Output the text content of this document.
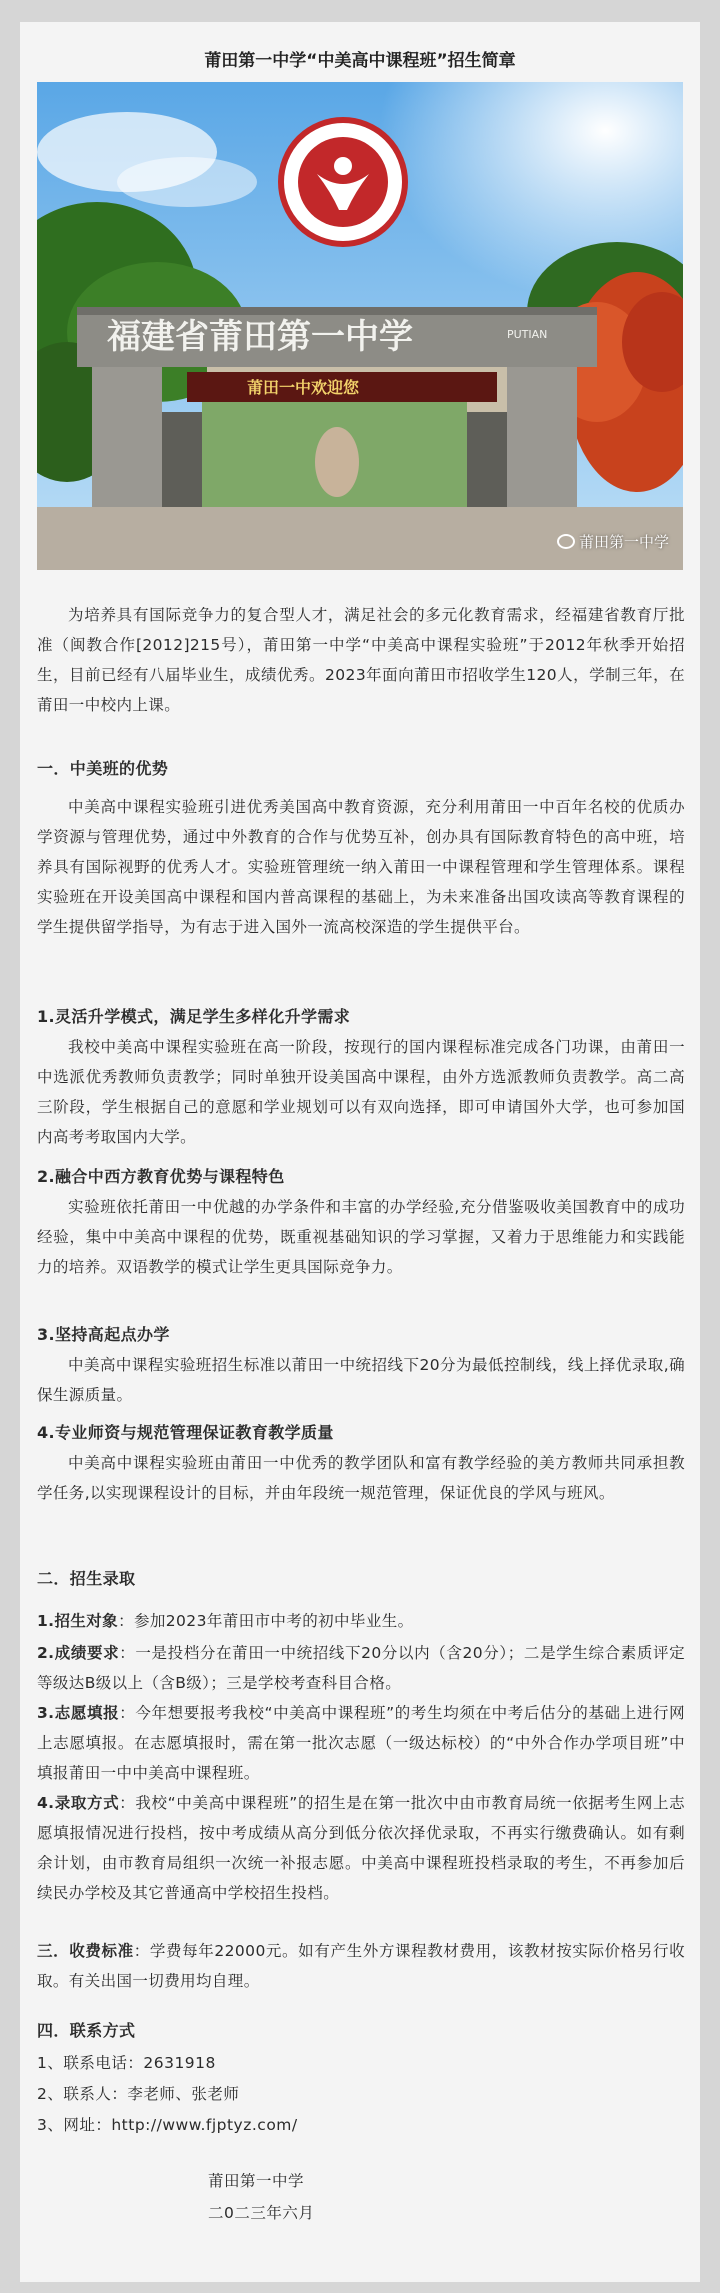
莆田第一中学“中美高中课程班”招生简章
福建省莆田第一中学	PUTIAN
莆田一中欢迎您
莆田第一中学

为培养具有国际竞争力的复合型人才，满足社会的多元化教育需求，经福建省教育厅批准（闽教合作[2012]215号），莆田第一中学“中美高中课程实验班”于2012年秋季开始招生，目前已经有八届毕业生，成绩优秀。2023年面向莆田市招收学生120人，学制三年，在莆田一中校内上课。

一．中美班的优势

中美高中课程实验班引进优秀美国高中教育资源，充分利用莆田一中百年名校的优质办学资源与管理优势，通过中外教育的合作与优势互补，创办具有国际教育特色的高中班，培养具有国际视野的优秀人才。实验班管理统一纳入莆田一中课程管理和学生管理体系。课程实验班在开设美国高中课程和国内普高课程的基础上，为未来准备出国攻读高等教育课程的学生提供留学指导，为有志于进入国外一流高校深造的学生提供平台。

1.灵活升学模式，满足学生多样化升学需求

我校中美高中课程实验班在高一阶段，按现行的国内课程标准完成各门功课，由莆田一中选派优秀教师负责教学；同时单独开设美国高中课程，由外方选派教师负责教学。高二高三阶段，学生根据自己的意愿和学业规划可以有双向选择，即可申请国外大学，也可参加国内高考考取国内大学。

2.融合中西方教育优势与课程特色

实验班依托莆田一中优越的办学条件和丰富的办学经验,充分借鉴吸收美国教育中的成功经验，集中中美高中课程的优势，既重视基础知识的学习掌握，又着力于思维能力和实践能力的培养。双语教学的模式让学生更具国际竞争力。

3.坚持高起点办学

中美高中课程实验班招生标准以莆田一中统招线下20分为最低控制线，线上择优录取,确保生源质量。

4.专业师资与规范管理保证教育教学质量

中美高中课程实验班由莆田一中优秀的教学团队和富有教学经验的美方教师共同承担教学任务,以实现课程设计的目标，并由年段统一规范管理，保证优良的学风与班风。

二．招生录取

1.招生对象：参加2023年莆田市中考的初中毕业生。

2.成绩要求：一是投档分在莆田一中统招线下20分以内（含20分）；二是学生综合素质评定等级达B级以上（含B级）；三是学校考查科目合格。

3.志愿填报：今年想要报考我校“中美高中课程班”的考生均须在中考后估分的基础上进行网上志愿填报。在志愿填报时，需在第一批次志愿（一级达标校）的“中外合作办学项目班”中填报莆田一中中美高中课程班。

4.录取方式：我校“中美高中课程班”的招生是在第一批次中由市教育局统一依据考生网上志愿填报情况进行投档，按中考成绩从高分到低分依次择优录取，不再实行缴费确认。如有剩余计划，由市教育局组织一次统一补报志愿。中美高中课程班投档录取的考生，不再参加后续民办学校及其它普通高中学校招生投档。

三．收费标准：学费每年22000元。如有产生外方课程教材费用，该教材按实际价格另行收取。有关出国一切费用均自理。

四．联系方式
1、联系电话：2631918
2、联系人：李老师、张老师
3、网址：http://www.fjptyz.com/
莆田第一中学
二0二三年六月
